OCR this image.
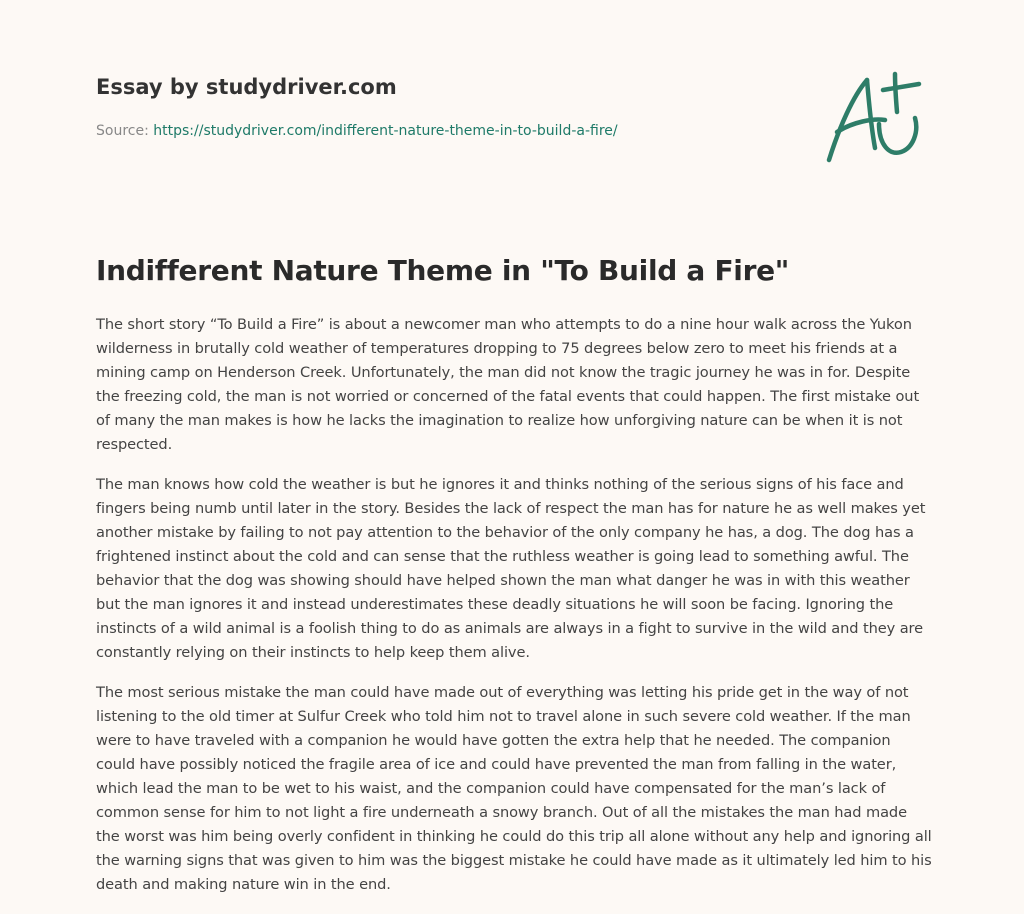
Essay by studydriver.com
Source: https://studydriver.com/indifferent-nature-theme-in-to-build-a-fire/
Indifferent Nature Theme in "To Build a Fire"

The short story “To Build a Fire” is about a newcomer man who attempts to do a nine hour walk across the Yukon wilderness in brutally cold weather of temperatures dropping to 75 degrees below zero to meet his friends at a mining camp on Henderson Creek. Unfortunately, the man did not know the tragic journey he was in for. Despite the freezing cold, the man is not worried or concerned of the fatal events that could happen. The first mistake out of many the man makes is how he lacks the imagination to realize how unforgiving nature can be when it is not respected.

The man knows how cold the weather is but he ignores it and thinks nothing of the serious signs of his face and fingers being numb until later in the story. Besides the lack of respect the man has for nature he as well makes yet another mistake by failing to not pay attention to the behavior of the only company he has, a dog. The dog has a frightened instinct about the cold and can sense that the ruthless weather is going lead to something awful. The behavior that the dog was showing should have helped shown the man what danger he was in with this weather but the man ignores it and instead underestimates these deadly situations he will soon be facing. Ignoring the instincts of a wild animal is a foolish thing to do as animals are always in a fight to survive in the wild and they are constantly relying on their instincts to help keep them alive.

The most serious mistake the man could have made out of everything was letting his pride get in the way of not listening to the old timer at Sulfur Creek who told him not to travel alone in such severe cold weather. If the man were to have traveled with a companion he would have gotten the extra help that he needed. The companion could have possibly noticed the fragile area of ice and could have prevented the man from falling in the water, which lead the man to be wet to his waist, and the companion could have compensated for the man’s lack of common sense for him to not light a fire underneath a snowy branch. Out of all the mistakes the man had made the worst was him being overly confident in thinking he could do this trip all alone without any help and ignoring all the warning signs that was given to him was the biggest mistake he could have made as it ultimately led him to his death and making nature win in the end.
